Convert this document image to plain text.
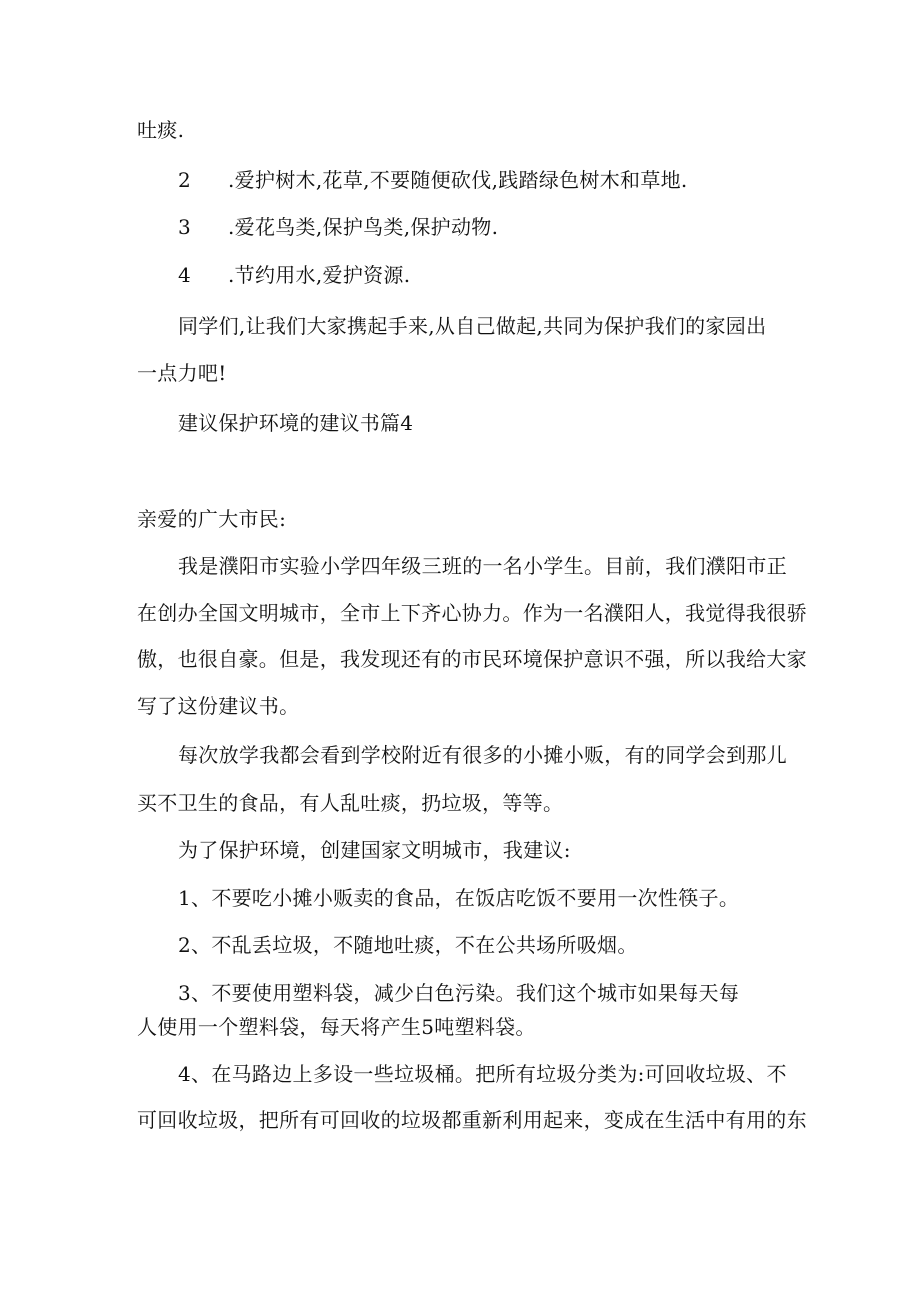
吐痰.
2 .爱护树木,花草,不要随便砍伐,践踏绿色树木和草地.
3 .爱花鸟类,保护鸟类,保护动物.
4 .节约用水,爱护资源.
同学们,让我们大家携起手来,从自己做起,共同为保护我们的家园出
一点力吧!
建议保护环境的建议书篇4
亲爱的广大市民:
我是濮阳市实验小学四年级三班的一名小学生。目前，我们濮阳市正
在创办全国文明城市，全市上下齐心协力。作为一名濮阳人，我觉得我很骄
傲，也很自豪。但是，我发现还有的市民环境保护意识不强，所以我给大家
写了这份建议书。
每次放学我都会看到学校附近有很多的小摊小贩，有的同学会到那儿
买不卫生的食品，有人乱吐痰，扔垃圾，等等。
为了保护环境，创建国家文明城市，我建议:
1、不要吃小摊小贩卖的食品，在饭店吃饭不要用一次性筷子。
2、不乱丢垃圾，不随地吐痰，不在公共场所吸烟。
3、不要使用塑料袋，减少白色污染。我们这个城市如果每天每
人使用一个塑料袋，每天将产生5吨塑料袋。
4、在马路边上多设一些垃圾桶。把所有垃圾分类为:可回收垃圾、不
可回收垃圾，把所有可回收的垃圾都重新利用起来，变成在生活中有用的东
